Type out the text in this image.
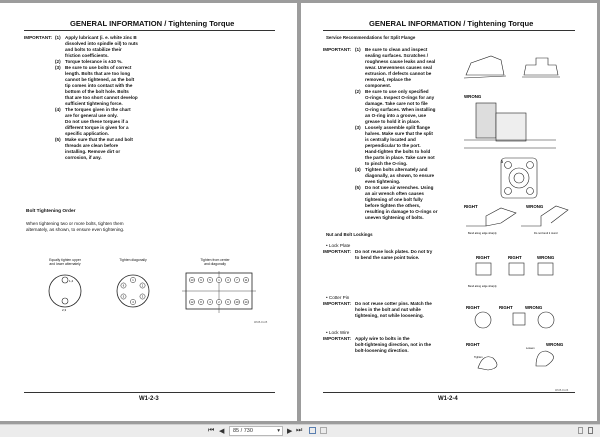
GENERAL INFORMATION / Tightening Torque
IMPORTANT: (1) Apply lubricant (i. e. white zinc B
dissolved into spindle oil) to nuts
and bolts to stabilize their
friction coefficients.
(2) Torque tolerance is ±10 %.
(3) Be sure to use bolts of correct
length. Bolts that are too long
cannot be tightened, as the bolt
tip comes into contact with the
bottom of the bolt hole. Bolts
that are too short cannot develop
sufficient tightening force.
(4) The torques given in the chart
are for general use only.
Do not use these torques if a
different torque is given for a
specific application.
(5) Make sure that the nut and bolt
threads are clean before
installing. Remove dirt or
corrosion, if any.
Bolt Tightening Order
When tightening two or more bolts, tighten them
alternately, as shown, to ensure even tightening.
Equally tighten upper
and lower alternately
Tighten diagonally	Tighten from center
and diagonally
1,4
2,3
1
2
3
4
5
6
13
12
9
8
5
4
1
2
3
6
7
10
11
14
W105-01-05
W1-2-3
GENERAL INFORMATION / Tightening Torque
Service Recommendations for Split Flange
IMPORTANT: (1) Be sure to clean and inspect
sealing surfaces. Scratches /
roughness cause leaks and seal
wear. Unevenness causes seal
extrusion. If defects cannot be
removed, replace the
component.
(2) Be sure to use only specified
O-rings. Inspect O-rings for any
damage. Take care not to file
O-ring surfaces. When installing
an O-ring into a groove, use
grease to hold it in place.
(3) Loosely assemble split flange
halves. Make sure that the split
is centrally located and
perpendicular to the port.
Hand-tighten the bolts to hold
the parts in place. Take care not
to pinch the O-ring.
(4) Tighten bolts alternately and
diagonally, as shown, to ensure
even tightening.
(5) Do not use air wrenches. Using
an air wrench often causes
tightening of one bolt fully
before tighten the others,
resulting in damage to O-rings or
uneven tightening of bolts.
Nut and Bolt Lockings
• Lock Plate
IMPORTANT: Do not reuse lock plates. Do not try
to bend the same point twice.
• Cotter Pin
IMPORTANT: Do not reuse cotter pins. Match the
holes in the bolt and nut while
tightening, not while loosening.
• Lock Wire
IMPORTANT: Apply wire to bolts in the
bolt-tightening direction, not in the
bolt-loosening direction.
WRONG
3
RIGHT	WRONG
Bend along edge sharply	Do not bend it round
RIGHT	RIGHT	WRONG
Bend along edge sharply
RIGHT	RIGHT	WRONG
RIGHT	WRONG
Tighten
Loosen
W105-01-06
W1-2-4
⏮ ◀	85 / 730	▾ ▶ ⏭
